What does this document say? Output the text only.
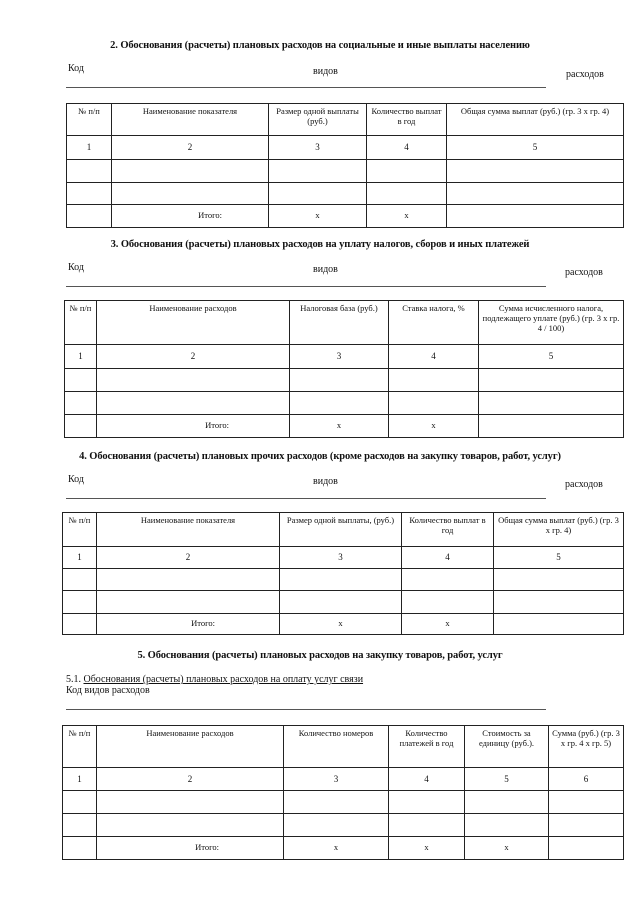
2. Обоснования (расчеты) плановых расходов на социальные и иные выплаты населению
Код	видов	расходов
№ п/п	Наименование показателя	Размер одной выплаты (руб.)	Количество выплат в год	Общая сумма выплат (руб.) (гр. 3 х гр. 4)
1	2	3	4	5

	Итого:	х	х	
3. Обоснования (расчеты) плановых расходов на уплату налогов, сборов и иных платежей
Код	видов	расходов
№ п/п	Наименование расходов	Налоговая база (руб.)	Ставка налога, %	Сумма исчисленного налога, подлежащего уплате (руб.) (гр. 3 х гр. 4 / 100)
1	2	3	4	5

	Итого:	х	х	
4. Обоснования (расчеты) плановых прочих расходов (кроме расходов на закупку товаров, работ, услуг)
Код	видов	расходов
№ п/п	Наименование показателя	Размер одной выплаты, (руб.)	Количество выплат в год	Общая сумма выплат (руб.) (гр. 3 х гр. 4)
1	2	3	4	5

	Итого:	х	х	
5. Обоснования (расчеты) плановых расходов на закупку товаров, работ, услуг
5.1. Обоснования (расчеты) плановых расходов на оплату услуг связи
Код видов расходов
№ п/п	Наименование расходов	Количество номеров	Количество платежей в год	Стоимость за единицу (руб.).	Сумма (руб.) (гр. 3 х гр. 4 х гр. 5)
1	2	3	4	5	6

	Итого:	х	х	х	
